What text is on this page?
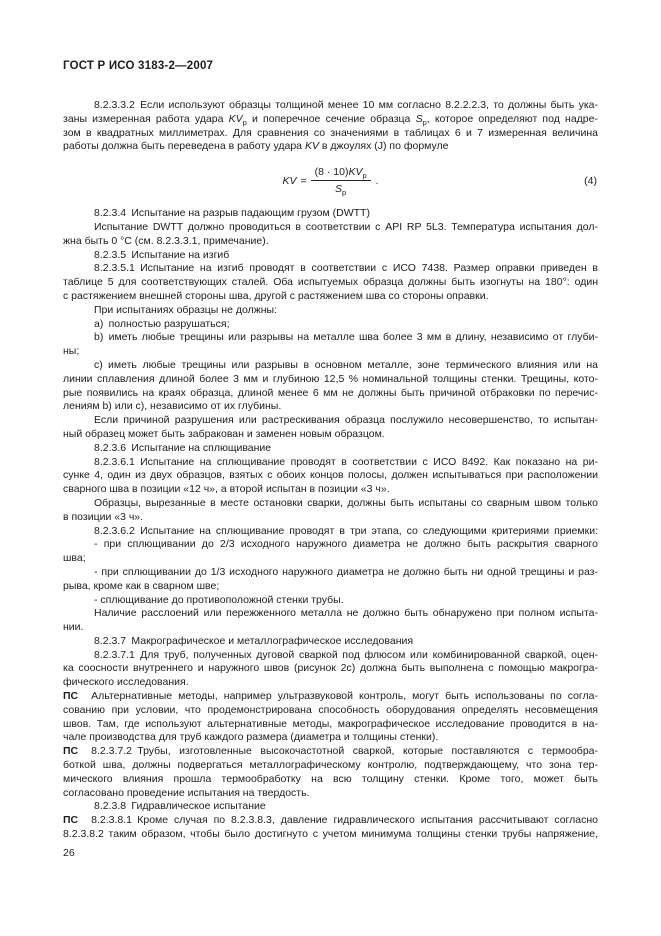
ГОСТ Р ИСО 3183-2—2007
8.2.3.3.2 Если используют образцы толщиной менее 10 мм согласно 8.2.2.2.3, то должны быть ука-
заны измеренная работа удара $KV_p$ и поперечное сечение образца $S_p$, которое определяют под надре-
зом в квадратных миллиметрах. Для сравнения со значениями в таблицах 6 и 7 измеренная величина
работы должна быть переведена в работу удара KV в джоулях (J) по формуле
KV = $\frac{(8 \cdot 10)KV_p}{S_p}$ .	(4)
8.2.3.4 Испытание на разрыв падающим грузом (DWTT)
Испытание DWTT должно проводиться в соответствии с API RP 5L3. Температура испытания дол-
жна быть 0 °С (см. 8.2.3.3.1, примечание).
8.2.3.5 Испытание на изгиб
8.2.3.5.1 Испытание на изгиб проводят в соответствии с ИСО 7438. Размер оправки приведен в
таблице 5 для соответствующих сталей. Оба испытуемых образца должны быть изогнуты на 180°: один
с растяжением внешней стороны шва, другой с растяжением шва со стороны оправки.
При испытаниях образцы не должны:
a) полностью разрушаться;
b) иметь любые трещины или разрывы на металле шва более 3 мм в длину, независимо от глуби-
ны;
c) иметь любые трещины или разрывы в основном металле, зоне термического влияния или на
линии сплавления длиной более 3 мм и глубиною 12,5 % номинальной толщины стенки. Трещины, кото-
рые появились на краях образца, длиной менее 6 мм не должны быть причиной отбраковки по перечис-
лениям b) или c), независимо от их глубины.
Если причиной разрушения или растрескивания образца послужило несовершенство, то испытан-
ный образец может быть забракован и заменен новым образцом.
8.2.3.6 Испытание на сплющивание
8.2.3.6.1 Испытание на сплющивание проводят в соответствии с ИСО 8492. Как показано на ри-
сунке 4, один из двух образцов, взятых с обоих концов полосы, должен испытываться при расположении
сварного шва в позиции «12 ч», а второй испытан в позиции «3 ч».
Образцы, вырезанные в месте остановки сварки, должны быть испытаны со сварным швом только
в позиции «3 ч».
8.2.3.6.2 Испытание на сплющивание проводят в три этапа, со следующими критериями приемки:
- при сплющивании до 2/3 исходного наружного диаметра не должно быть раскрытия сварного
шва;
- при сплющивании до 1/3 исходного наружного диаметра не должно быть ни одной трещины и раз-
рыва, кроме как в сварном шве;
- сплющивание до противоположной стенки трубы.
Наличие расслоений или пережженного металла не должно быть обнаружено при полном испыта-
нии.
8.2.3.7 Макрографическое и металлографическое исследования
8.2.3.7.1 Для труб, полученных дуговой сваркой под флюсом или комбинированной сваркой, оцен-
ка соосности внутреннего и наружного швов (рисунок 2c) должна быть выполнена с помощью макрогра-
фического исследования.
ПС Альтернативные методы, например ультразвуковой контроль, могут быть использованы по согла-
сованию при условии, что продемонстрирована способность оборудования определять несовмещения
швов. Там, где используют альтернативные методы, макрографическое исследование проводится в на-
чале производства для труб каждого размера (диаметра и толщины стенки).
ПС 8.2.3.7.2 Трубы, изготовленные высокочастотной сваркой, которые поставляются с термообра-
боткой шва, должны подвергаться металлографическому контролю, подтверждающему, что зона тер-
мического влияния прошла термообработку на всю толщину стенки. Кроме того, может быть
согласовано проведение испытания на твердость.
8.2.3.8 Гидравлическое испытание
ПС 8.2.3.8.1 Кроме случая по 8.2.3.8.3, давление гидравлического испытания рассчитывают согласно
8.2.3.8.2 таким образом, чтобы было достигнуто с учетом минимума толщины стенки трубы напряжение,
26
